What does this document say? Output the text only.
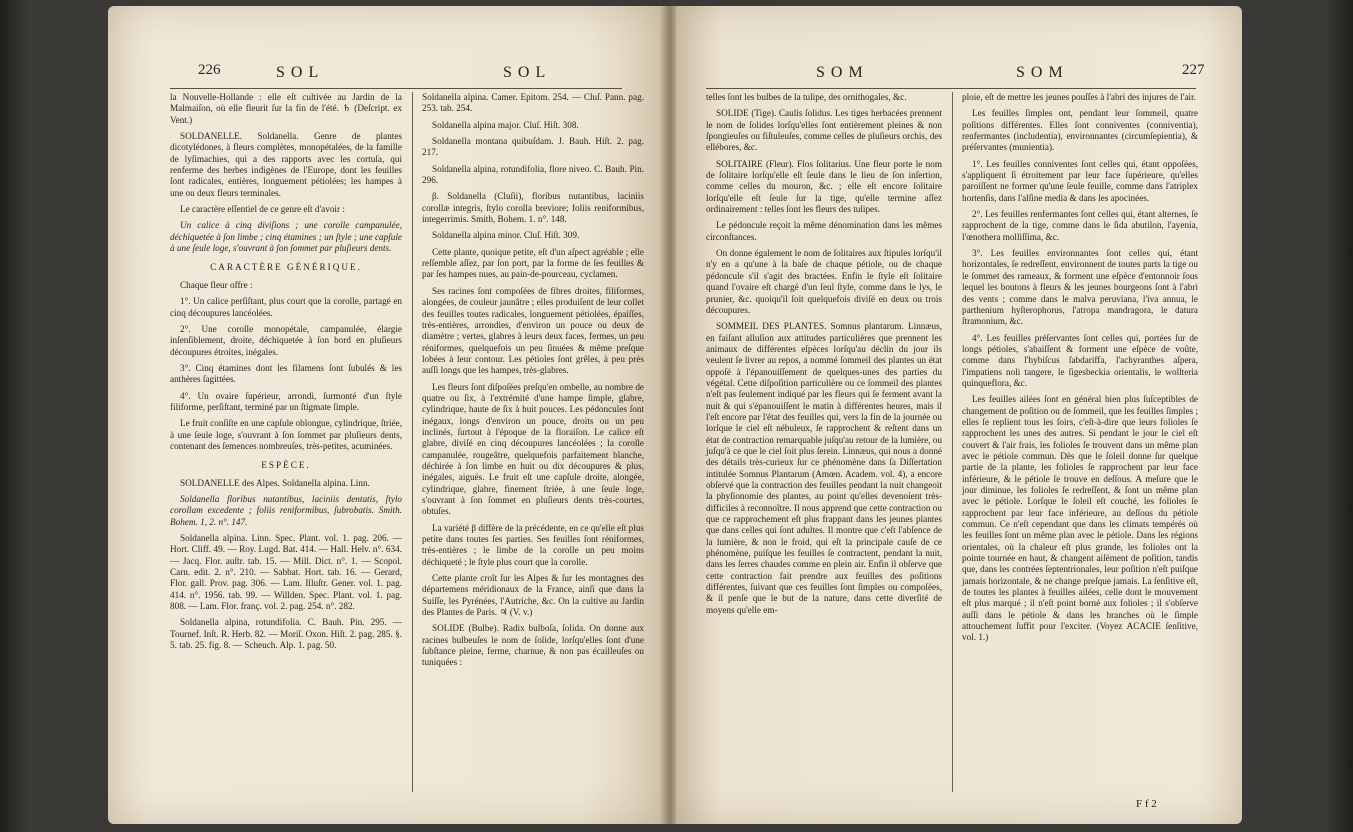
226	SOL	SOL

la Nouvelle-Hollande : elle eſt cultivée au Jardin de la Malmaiſon, où elle fleurit ſur la fin de l'été. ♄ (Deſcript. ex Vent.)

SOLDANELLE. Soldanella. Genre de plantes dicotylédones, à fleurs complètes, monopétalées, de la famille de lyſimachies, qui a des rapports avec les cortuſa, qui renferme des herbes indigènes de l'Europe, dont les feuilles ſont radicales, entières, longuement pétiolées; les hampes à une ou deux fleurs terminales.

Le caractère eſſentiel de ce genre eſt d'avoir :

Un calice à cinq diviſions ; une corolle campanulée, déchiquetée à ſon limbe ; cinq étamines ; un ſtyle ; une capſule à une ſeule loge, s'ouvrant à ſon ſommet par pluſieurs dents.

CARACTÈRE GÉNÉRIQUE.

Chaque fleur offre :

1°. Un calice perſiſtant, plus court que la corolle, partagé en cinq découpures lancéolées.

2°. Une corolle monopétale, campanulée, élargie inſenſiblement, droite, déchiquetée à ſon bord en pluſieurs découpures étroites, inégales.

3°. Cinq étamines dont les filamens ſont ſubulés & les anthères ſagittées.

4°. Un ovaire ſupérieur, arrondi, ſurmonté d'un ſtyle filiforme, perſiſtant, terminé par un ſtigmate ſimple.

Le fruit conſiſte en une capſule oblongue, cylindrique, ſtriée, à une ſeule loge, s'ouvrant à ſon ſommet par pluſieurs dents, contenant des ſemences nombreuſes, très-petites, acuminées.

ESPÈCE.

SOLDANELLE des Alpes. Soldanella alpina. Linn.

Soldanella floribus nutantibus, laciniis dentatis, ſtylo corollam excedente ; foliis reniformibus, ſubrobatis. Smith. Bohem. 1, 2. n°. 147.

Soldanella alpina. Linn. Spec. Plant. vol. 1. pag. 206. — Hort. Cliff. 49. — Roy. Lugd. Bat. 414. — Hall. Helv. n°. 634. — Jacq. Flor. auſtr. tab. 15. — Mill. Dict. n°. 1. — Scopol. Carn. edit. 2. n°. 210. — Sabbat. Hort. tab. 16. — Gerard, Flor. gall. Prov. pag. 306. — Lam. Illuſtr. Gener. vol. 1. pag. 414. n°. 1956. tab. 99. — Willden. Spec. Plant. vol. 1. pag. 808. — Lam. Flor. franç. vol. 2. pag. 254. n°. 282.

Soldanella alpina, rotundifolia. C. Bauh. Pin. 295. — Tournef. Inſt. R. Herb. 82. — Moriſ. Oxon. Hiſt. 2. pag. 285. §. 5. tab. 25. fig. 8. — Scheuch. Alp. 1. pag. 50.

Soldanella alpina. Camer. Epitom. 254. — Cluſ. Pann. pag. 253. tab. 254.

Soldanella alpina major. Cluſ. Hiſt. 308.

Soldanella montana quibuſdam. J. Bauh. Hiſt. 2. pag. 217.

Soldanella alpina, rotundifolia, flore niveo. C. Bauh. Pin. 296.

β. Soldanella (Cluſii), floribus nutantibus, laciniis corollæ integris, ſtylo corolla breviore; foliis reniformibus, integerrimis. Smith, Bohem. 1. n°. 148.

Soldanella alpina minor. Cluſ. Hiſt. 309.

Cette plante, quoique petite, eſt d'un aſpect agréable ; elle reſſemble aſſez, par ſon port, par la forme de ſes feuilles & par ſes hampes nues, au pain-de-pourceau, cyclamen.

Ses racines ſont compoſées de fibres droites, filiformes, alongées, de couleur jaunâtre ; elles produiſent de leur collet des feuilles toutes radicales, longuement pétiolées, épaiſſes, très-entières, arrondies, d'environ un pouce ou deux de diamètre ; vertes, glabres à leurs deux faces, fermes, un peu réniformes, quelquefois un peu ſinuées & même preſque lobées à leur contour. Les pétioles ſont grêles, à peu près auſſi longs que les hampes, très-glabres.

Les fleurs ſont diſpoſées preſqu'en ombelle, au nombre de quatre ou ſix, à l'extrémité d'une hampe ſimple, glabre, cylindrique, haute de ſix à huit pouces. Les pédoncules ſont inégaux, longs d'environ un pouce, droits ou un peu inclinés, ſurtout à l'époque de la floraiſon. Le calice eſt glabre, diviſé en cinq découpures lancéolées ; la corolle campanulée, rougeâtre, quelquefois parfaitement blanche, déchirée à ſon limbe en huit ou dix découpures & plus, inégales, aiguës. Le fruit eſt une capſule droite, alongée, cylindrique, glabre, finement ſtriée, à une ſeule loge, s'ouvrant à ſon ſommet en pluſieurs dents très-courtes, obtuſes.

La variété β diffère de la précédente, en ce qu'elle eſt plus petite dans toutes ſes parties. Ses feuilles ſont réniformes, très-entières ; le limbe de la corolle un peu moins déchiqueté ; le ſtyle plus court que la corolle.

Cette plante croît ſur les Alpes & ſur les montagnes des départemens méridionaux de la France, ainſi que dans la Suiſſe, les Pyrénées, l'Autriche, &c. On la cultive au Jardin des Plantes de Paris. ♃ (V. v.)

SOLIDE (Bulbe). Radix bulboſa, ſolida. On donne aux racines bulbeuſes le nom de ſolide, lorſqu'elles ſont d'une ſubſtance pleine, ferme, charnue, & non pas écailleuſes ou tuniquées :

SOM	SOM	227

telles ſont les bulbes de la tulipe, des ornithogales, &c.

SOLIDE (Tige). Caulis ſolidus. Les tiges herbacées prennent le nom de ſolides lorſqu'elles ſont entièrement pleines & non ſpongieuſes ou fiſtuleuſes, comme celles de pluſieurs orchis, des ellébores, &c.

SOLITAIRE (Fleur). Flos ſolitarius. Une fleur porte le nom de ſolitaire lorſqu'elle eſt ſeule dans le lieu de ſon inſertion, comme celles du mouron, &c. ; elle eſt encore ſolitaire lorſqu'elle eſt ſeule ſur la tige, qu'elle termine aſſez ordinairement : telles ſont les fleurs des tulipes.

Le pédoncule reçoit la même dénomination dans les mêmes circonſtances.

On donne également le nom de ſolitaires aux ſtipules lorſqu'il n'y en a qu'une à la baſe de chaque pétiole, ou de chaque pédoncule s'il s'agit des bractées. Enfin le ſtyle eſt ſolitaire quand l'ovaire eſt chargé d'un ſeul ſtyle, comme dans le lys, le prunier, &c. quoiqu'il ſoit quelquefois diviſé en deux ou trois découpures.

SOMMEIL DES PLANTES. Somnus plantarum. Linnæus, en faiſant alluſion aux attitudes particulières que prennent les animaux de différentes eſpèces lorſqu'au déclin du jour ils veulent ſe livrer au repos, a nommé ſommeil des plantes un état oppoſé à l'épanouiſſement de quelques-unes des parties du végétal. Cette diſpoſition particulière ou ce ſommeil des plantes n'eſt pas ſeulement indiqué par les fleurs qui ſe ferment avant la nuit & qui s'épanouiſſent le matin à différentes heures, mais il l'eſt encore par l'état des feuilles qui, vers la fin de la journée ou lorſque le ciel eſt nébuleux, ſe rapprochent & reſtent dans un état de contraction remarquable juſqu'au retour de la lumière, ou juſqu'à ce que le ciel ſoit plus ſerein. Linnæus, qui nous a donné des détails très-curieux ſur ce phénomène dans ſa Diſſertation intitulée Somnus Plantarum (Amœn. Academ. vol. 4), a encore obſervé que la contraction des feuilles pendant la nuit changeoit la phyſionomie des plantes, au point qu'elles devenoient très-difficiles à reconnoître. Il nous apprend que cette contraction ou que ce rapprochement eſt plus frappant dans les jeunes plantes que dans celles qui ſont adultes. Il montre que c'eſt l'abſence de la lumière, & non le froid, qui eſt la principale cauſe de ce phénomène, puiſque les feuilles ſe contractent, pendant la nuit, dans les ſerres chaudes comme en plein air. Enfin il obſerve que cette contraction fait prendre aux feuilles des poſitions différentes, ſuivant que ces feuilles ſont ſimples ou compoſées, & il penſe que le but de la nature, dans cette diverſité de moyens qu'elle em-

ploie, eſt de mettre les jeunes pouſſes à l'abri des injures de l'air.

Les feuilles ſimples ont, pendant leur ſommeil, quatre poſitions différentes. Elles ſont conniventes (conniventia), renfermantes (includentia), environnantes (circumſepientia), & préſervantes (munientia).

1°. Les feuilles conniventes ſont celles qui, étant oppoſées, s'appliquent ſi étroitement par leur face ſupérieure, qu'elles paroiſſent ne former qu'une ſeule feuille, comme dans l'atriplex hortenſis, dans l'alſine media & dans les apocinées.

2°. Les feuilles renfermantes ſont celles qui, étant alternes, ſe rapprochent de la tige, comme dans le ſida abutilon, l'ayenia, l'œnothera molliſſima, &c.

3°. Les feuilles environnantes ſont celles qui, étant horizontales, ſe redreſſent, environnent de toutes parts la tige ou le ſommet des rameaux, & forment une eſpèce d'entonnoir ſous lequel les boutons à fleurs & les jeunes bourgeons ſont à l'abri des vents ; comme dans le malva peruviana, l'iva annua, le parthenium hyſterophorus, l'atropa mandragora, le datura ſtramonium, &c.

4°. Les feuilles préſervantes ſont celles qui, portées ſur de longs pétioles, s'abaiſſent & forment une eſpèce de voûte, comme dans l'hybiſcus ſabdariffa, l'achyranthes aſpera, l'impatiens noli tangere, le ſigesbeckia orientalis, le wollteria quinqueflora, &c.

Les feuilles ailées ſont en général bien plus ſuſceptibles de changement de poſition ou de ſommeil, que les feuilles ſimples ; elles ſe replient tous les ſoirs, c'eſt-à-dire que leurs folioles ſe rapprochent les unes des autres. Si pendant le jour le ciel eſt couvert & l'air frais, les folioles ſe trouvent dans un même plan avec le pétiole commun. Dès que le ſoleil donne ſur quelque partie de la plante, les folioles ſe rapprochent par leur face inférieure, & le pétiole ſe trouve en deſſous. A meſure que le jour diminue, les folioles ſe redreſſent, & ſont un même plan avec le pétiole. Lorſque le ſoleil eſt couché, les folioles ſe rapprochent par leur face inférieure, au deſſous du pétiole commun. Ce n'eſt cependant que dans les climats tempérés où les feuilles ſont un même plan avec le pétiole. Dans les régions orientales, où la chaleur eſt plus grande, les folioles ont la pointe tournée en haut, & changent aiſément de poſition, tandis que, dans les contrées ſeptentrionales, leur poſition n'eſt puiſque jamais horizontale, & ne change preſque jamais. La ſenſitive eſt, de toutes les plantes à feuilles ailées, celle dont le mouvement eſt plus marqué ; il n'eſt point borné aux folioles ; il s'obſerve auſſi dans le pétiole & dans les branches où le ſimple attouchement ſuffit pour l'exciter. (Voyez ACACIE ſenſitive, vol. 1.)

F f 2
